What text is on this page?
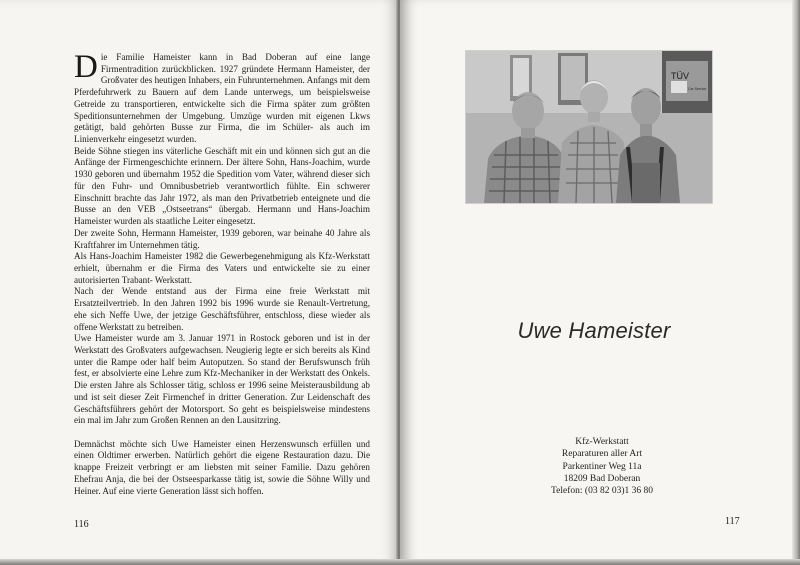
Die Familie Hameister kann in Bad Doberan auf eine lange Firmentradition zurückblicken. 1927 gründete Hermann Hameister, der Großvater des heutigen Inhabers, ein Fuhrunternehmen. Anfangs mit dem Pferdefuhrwerk zu Bauern auf dem Lande unterwegs, um beispielsweise Getreide zu transportieren, entwickelte sich die Firma später zum größten Speditionsunternehmen der Umgebung. Umzüge wurden mit eigenen Lkws getätigt, bald gehörten Busse zur Firma, die im Schüler- als auch im Linienverkehr eingesetzt wurden.

Beide Söhne stiegen ins väterliche Geschäft mit ein und können sich gut an die Anfänge der Firmengeschichte erinnern. Der ältere Sohn, Hans-Joachim, wurde 1930 geboren und übernahm 1952 die Spedition vom Vater, während dieser sich für den Fuhr- und Omnibusbetrieb verantwortlich fühlte. Ein schwerer Einschnitt brachte das Jahr 1972, als man den Privatbetrieb enteignete und die Busse an den VEB „Ostseetrans“ übergab. Hermann und Hans-Joachim Hameister wurden als staatliche Leiter eingesetzt.

Der zweite Sohn, Hermann Hameister, 1939 geboren, war beinahe 40 Jahre als Kraftfahrer im Unternehmen tätig.

Als Hans-Joachim Hameister 1982 die Gewerbegenehmigung als Kfz-Werkstatt erhielt, übernahm er die Firma des Vaters und entwickelte sie zu einer autorisierten Trabant- Werkstatt.

Nach der Wende entstand aus der Firma eine freie Werkstatt mit Ersatzteilvertrieb. In den Jahren 1992 bis 1996 wurde sie Renault-Vertretung, ehe sich Neffe Uwe, der jetzige Geschäftsführer, entschloss, diese wieder als offene Werkstatt zu betreiben.

Uwe Hameister wurde am 3. Januar 1971 in Rostock geboren und ist in der Werkstatt des Großvaters aufgewachsen. Neugierig legte er sich bereits als Kind unter die Rampe oder half beim Autoputzen. So stand der Berufswunsch früh fest, er absolvierte eine Lehre zum Kfz-Mechaniker in der Werkstatt des Onkels. Die ersten Jahre als Schlosser tätig, schloss er 1996 seine Meisterausbildung ab und ist seit dieser Zeit Firmenchef in dritter Generation. Zur Leidenschaft des Geschäftsführers gehört der Motorsport. So geht es beispielsweise mindestens ein mal im Jahr zum Großen Rennen an den Lausitzring.

Demnächst möchte sich Uwe Hameister einen Herzenswunsch erfüllen und einen Oldtimer erwerben. Natürlich gehört die eigene Restauration dazu. Die knappe Freizeit verbringt er am liebsten mit seiner Familie. Dazu gehören Ehefrau Anja, die bei der Ostseesparkasse tätig ist, sowie die Söhne Willy und Heiner. Auf eine vierte Generation lässt sich hoffen.

116
TÜV
Car Service
Uwe Hameister
Kfz-Werkstatt
Reparaturen aller Art
Parkentiner Weg 11a
18209 Bad Doberan
Telefon: (03 82 03)1 36 80
117
